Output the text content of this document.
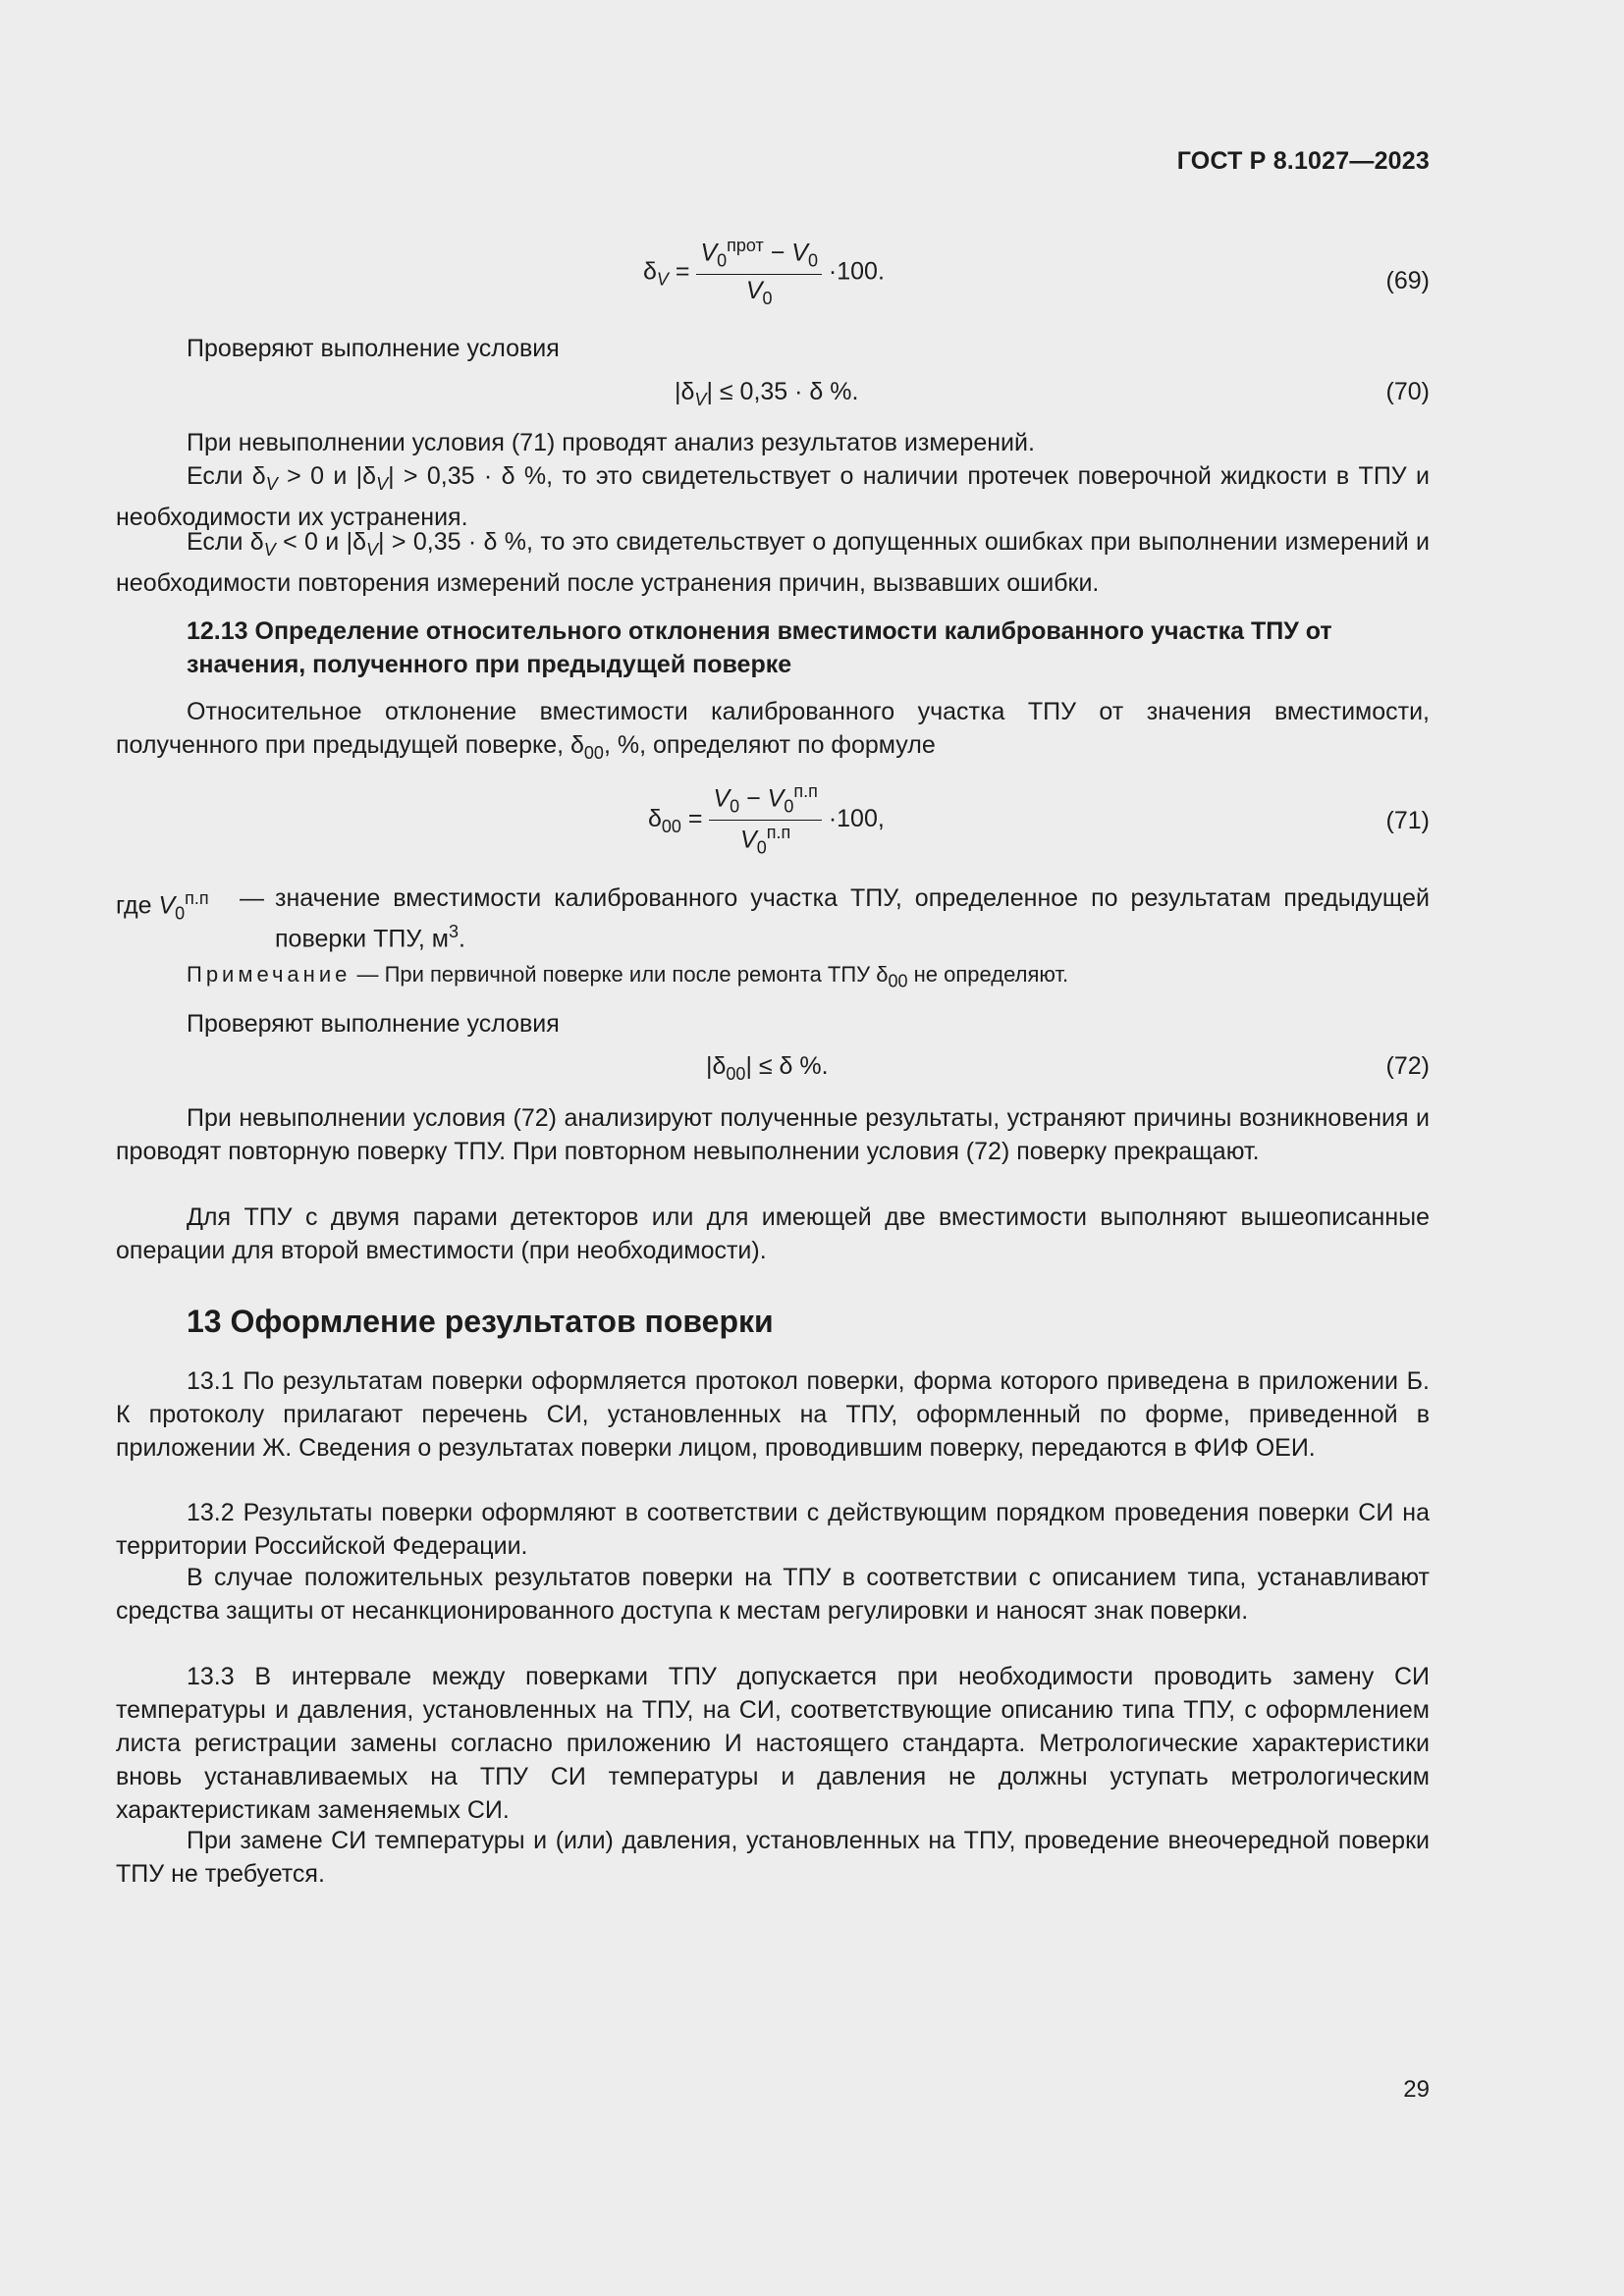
ГОСТ Р 8.1027—2023
$\delta_V = \frac{V_0^{прот} - V_0}{V_0} \cdot 100$.	(69)
Проверяют выполнение условия
$|\delta_V| \le 0,35 \cdot \delta$ %.	(70)
При невыполнении условия (71) проводят анализ результатов измерений.
Если $\delta_V > 0$ и $|\delta_V| > 0,35 \cdot \delta$ %, то это свидетельствует о наличии протечек поверочной жидкости в ТПУ и необходимости их устранения.
Если $\delta_V < 0$ и $|\delta_V| > 0,35 \cdot \delta$ %, то это свидетельствует о допущенных ошибках при выполнении измерений и необходимости повторения измерений после устранения причин, вызвавших ошибки.
12.13 Определение относительного отклонения вместимости калиброванного участка ТПУ от значения, полученного при предыдущей поверке
Относительное отклонение вместимости калиброванного участка ТПУ от значения вместимости, полученного при предыдущей поверке, $\delta_{00}$, %, определяют по формуле
$\delta_{00} = \frac{V_0 - V_0^{п.п}}{V_0^{п.п}} \cdot 100$,	(71)
где $V_0^{п.п}$ — значение вместимости калиброванного участка ТПУ, определенное по результатам предыдущей поверки ТПУ, $м^3$.
Примечание — При первичной поверке или после ремонта ТПУ $\delta_{00}$ не определяют.
Проверяют выполнение условия
$|\delta_{00}| \le \delta$ %.	(72)
При невыполнении условия (72) анализируют полученные результаты, устраняют причины возникновения и проводят повторную поверку ТПУ. При повторном невыполнении условия (72) поверку прекращают.
Для ТПУ с двумя парами детекторов или для имеющей две вместимости выполняют вышеописанные операции для второй вместимости (при необходимости).
13 Оформление результатов поверки
13.1 По результатам поверки оформляется протокол поверки, форма которого приведена в приложении Б. К протоколу прилагают перечень СИ, установленных на ТПУ, оформленный по форме, приведенной в приложении Ж. Сведения о результатах поверки лицом, проводившим поверку, передаются в ФИФ ОЕИ.
13.2 Результаты поверки оформляют в соответствии с действующим порядком проведения поверки СИ на территории Российской Федерации.
В случае положительных результатов поверки на ТПУ в соответствии с описанием типа, устанавливают средства защиты от несанкционированного доступа к местам регулировки и наносят знак поверки.
13.3 В интервале между поверками ТПУ допускается при необходимости проводить замену СИ температуры и давления, установленных на ТПУ, на СИ, соответствующие описанию типа ТПУ, с оформлением листа регистрации замены согласно приложению И настоящего стандарта. Метрологические характеристики вновь устанавливаемых на ТПУ СИ температуры и давления не должны уступать метрологическим характеристикам заменяемых СИ.
При замене СИ температуры и (или) давления, установленных на ТПУ, проведение внеочередной поверки ТПУ не требуется.
29
